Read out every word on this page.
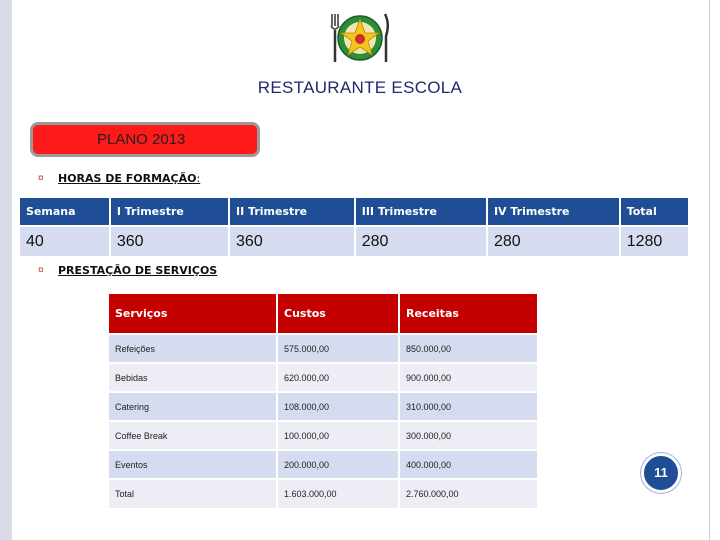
RESTAURANTE ESCOLA
PLANO 2013
¤ HORAS DE FORMAÇÃO:
Semana	I Trimestre	II Trimestre	III Trimestre	IV Trimestre	Total
40	360	360	280	280	1280
¤ PRESTAÇÃO DE SERVIÇOS
Serviços	Custos	Receitas
Refeições	575.000,00	850.000,00
Bebidas	620.000,00	900.000,00
Catering	108.000,00	310.000,00
Coffee Break	100.000,00	300.000,00
Eventos	200.000,00	400.000,00
Total	1.603.000,00	2.760.000,00
11
